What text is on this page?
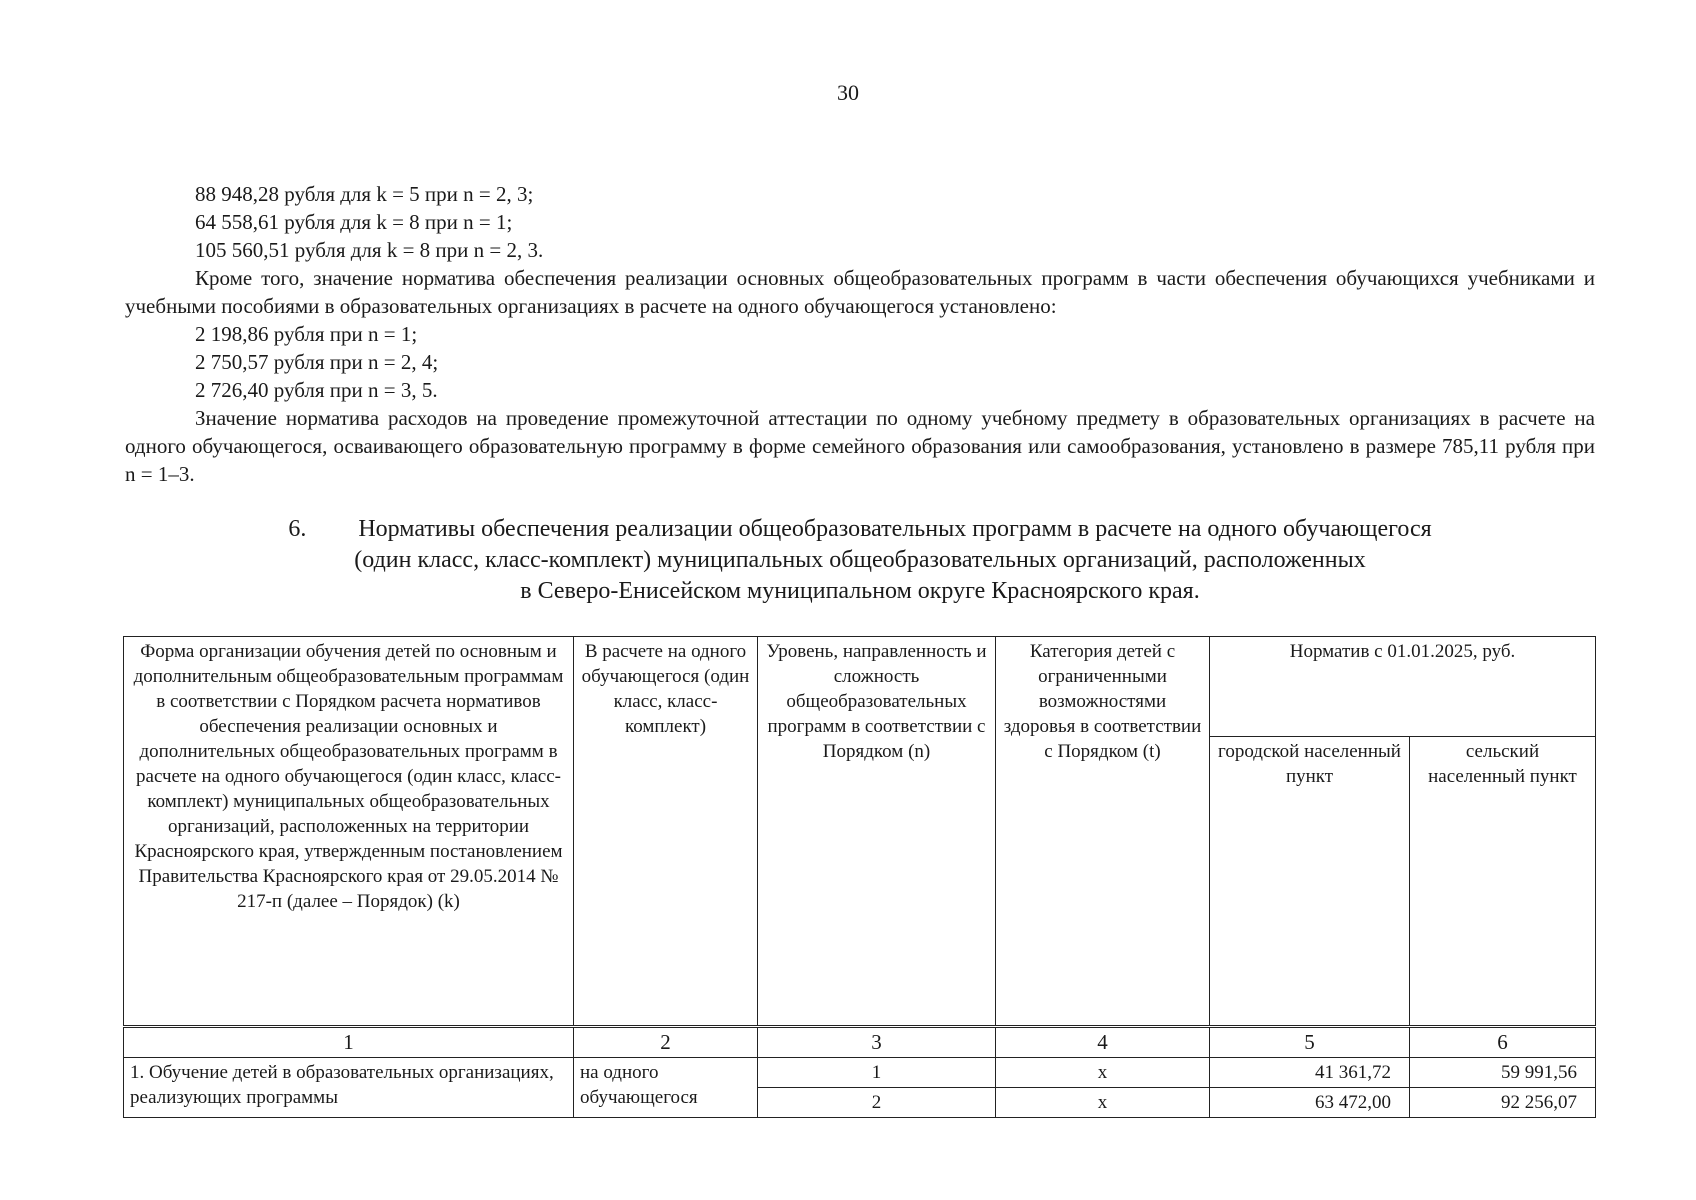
30

88 948,28 рубля для k = 5 при n = 2, 3;

64 558,61 рубля для k = 8 при n = 1;

105 560,51 рубля для k = 8 при n = 2, 3.

Кроме того, значение норматива обеспечения реализации основных общеобразовательных программ в части обеспечения обучающихся учебниками и учебными пособиями в образовательных организациях в расчете на одного обучающегося установлено:

2 198,86 рубля при n = 1;

2 750,57 рубля при n = 2, 4;

2 726,40 рубля при n = 3, 5.

Значение норматива расходов на проведение промежуточной аттестации по одному учебному предмету в образовательных организациях в расчете на одного обучающегося, осваивающего образовательную программу в форме семейного образования или самообразования, установлено в размере 785,11 рубля при n = 1–3.

6. Нормативы обеспечения реализации общеобразовательных программ в расчете на одного обучающегося
(один класс, класс-комплект) муниципальных общеобразовательных организаций, расположенных
в Северо-Енисейском муниципальном округе Красноярского края.
Форма организации обучения детей по основным и дополнительным общеобразовательным программам в соответствии с Порядком расчета нормативов обеспечения реализации основных и дополнительных общеобразовательных программ в расчете на одного обучающегося (один класс, класс-комплект) муниципальных общеобразовательных организаций, расположенных на территории Красноярского края, утвержденным постановлением Правительства Красноярского края от 29.05.2014 № 217-п (далее – Порядок) (k)	В расчете на одного обучающегося (один класс, класс-комплект)	Уровень, направленность и сложность общеобразовательных программ в соответствии с Порядком (n)	Категория детей с ограниченными возможностями здоровья в соответствии с Порядком (t)	Норматив с 01.01.2025, руб.	
				городской населенный пункт	сельский населенный пункт
1	2	3	4	5	6
1. Обучение детей в образовательных организациях, реализующих программы	на одного обучающегося	1	x	41 361,72	59 991,56
		2	x	63 472,00	92 256,07
